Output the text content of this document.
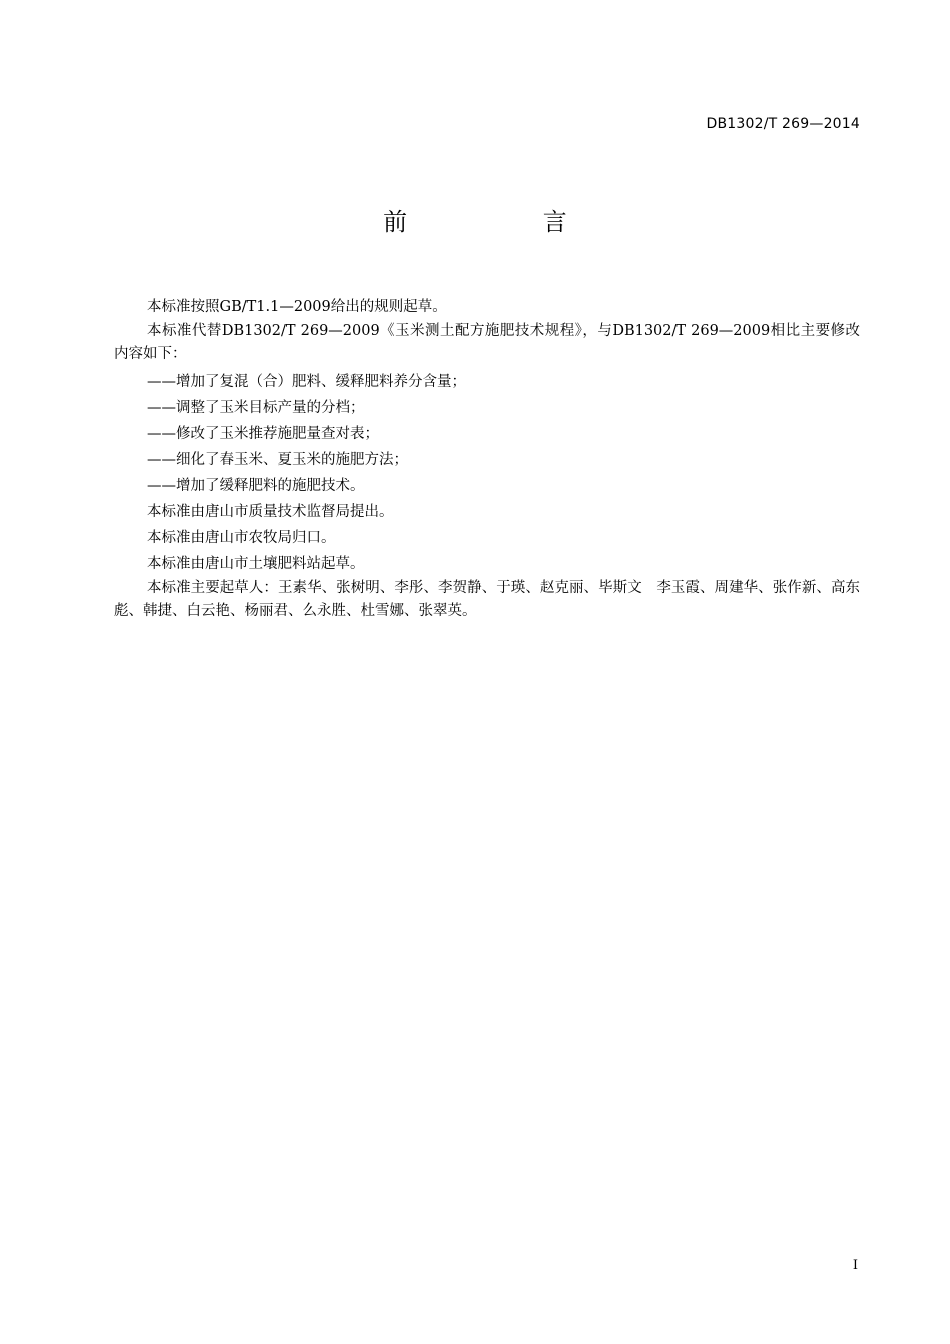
DB1302/T 269—2014
前 言

本标准按照GB/T1.1—2009给出的规则起草。

本标准代替DB1302/T 269—2009《玉米测土配方施肥技术规程》，与DB1302/T 269—2009相比主要修改内容如下：

——增加了复混（合）肥料、缓释肥料养分含量；

——调整了玉米目标产量的分档；

——修改了玉米推荐施肥量查对表；

——细化了春玉米、夏玉米的施肥方法；

——增加了缓释肥料的施肥技术。

本标准由唐山市质量技术监督局提出。

本标准由唐山市农牧局归口。

本标准由唐山市土壤肥料站起草。

本标准主要起草人：王素华、张树明、李彤、李贺静、于瑛、赵克丽、毕斯文　李玉霞、周建华、张作新、高东彪、韩捷、白云艳、杨丽君、么永胜、杜雪娜、张翠英。

I
